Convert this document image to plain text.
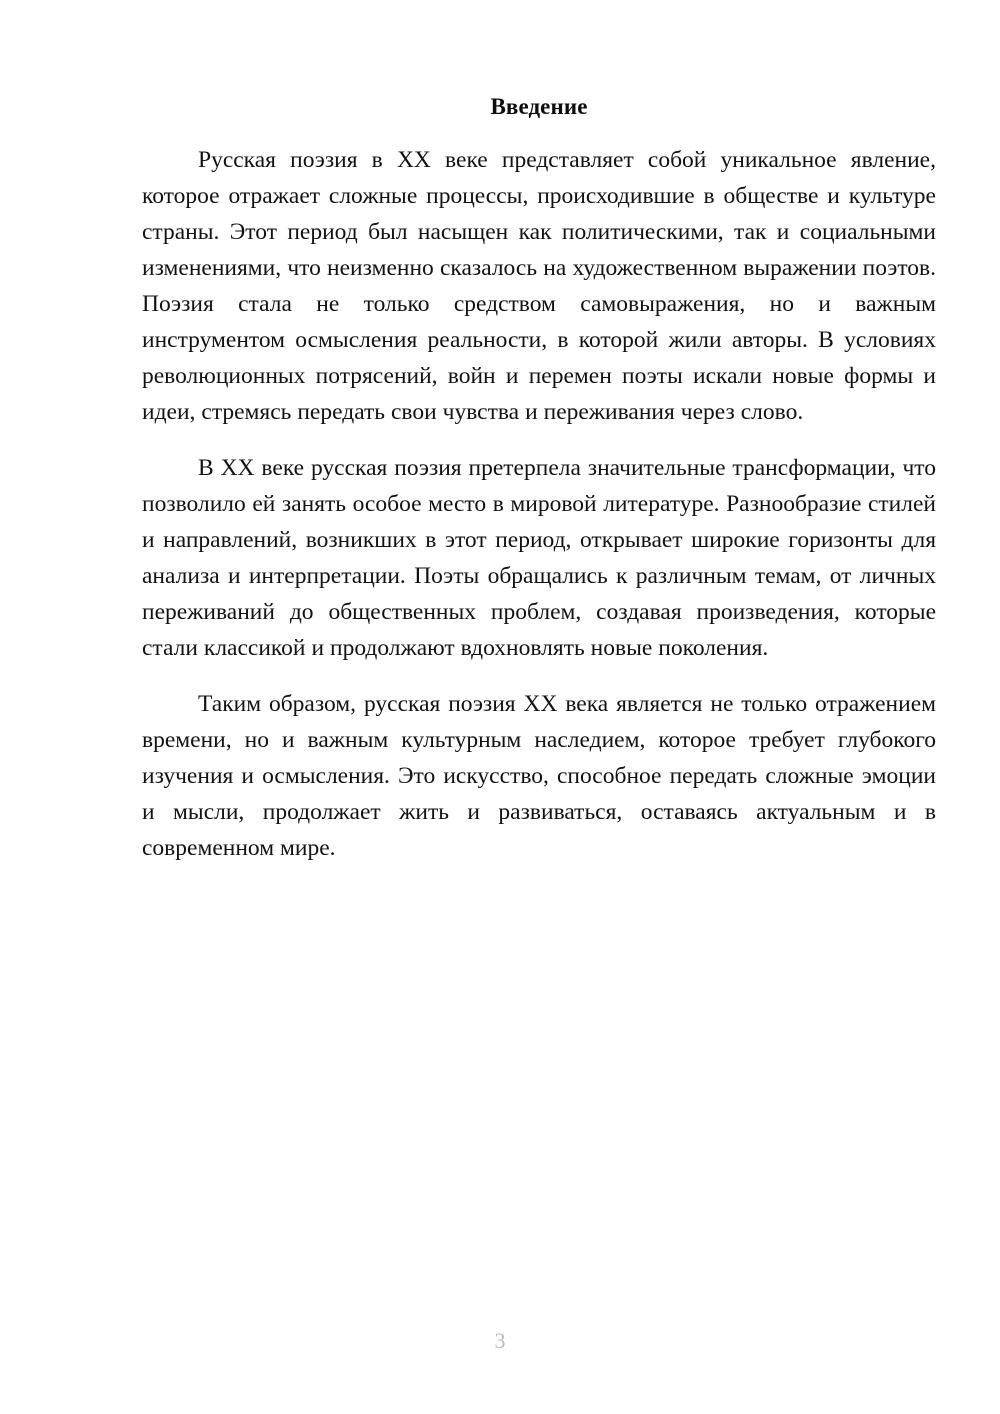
Введение

Русская поэзия в XX веке представляет собой уникальное явление, которое отражает сложные процессы, происходившие в обществе и культуре страны. Этот период был насыщен как политическими, так и социальными изменениями, что неизменно сказалось на художественном выражении поэтов. Поэзия стала не только средством самовыражения, но и важным инструментом осмысления реальности, в которой жили авторы. В условиях революционных потрясений, войн и перемен поэты искали новые формы и идеи, стремясь передать свои чувства и переживания через слово.

В XX веке русская поэзия претерпела значительные трансформации, что позволило ей занять особое место в мировой литературе. Разнообразие стилей и направлений, возникших в этот период, открывает широкие горизонты для анализа и интерпретации. Поэты обращались к различным темам, от личных переживаний до общественных проблем, создавая произведения, которые стали классикой и продолжают вдохновлять новые поколения.

Таким образом, русская поэзия XX века является не только отражением времени, но и важным культурным наследием, которое требует глубокого изучения и осмысления. Это искусство, способное передать сложные эмоции и мысли, продолжает жить и развиваться, оставаясь актуальным и в современном мире.

3
